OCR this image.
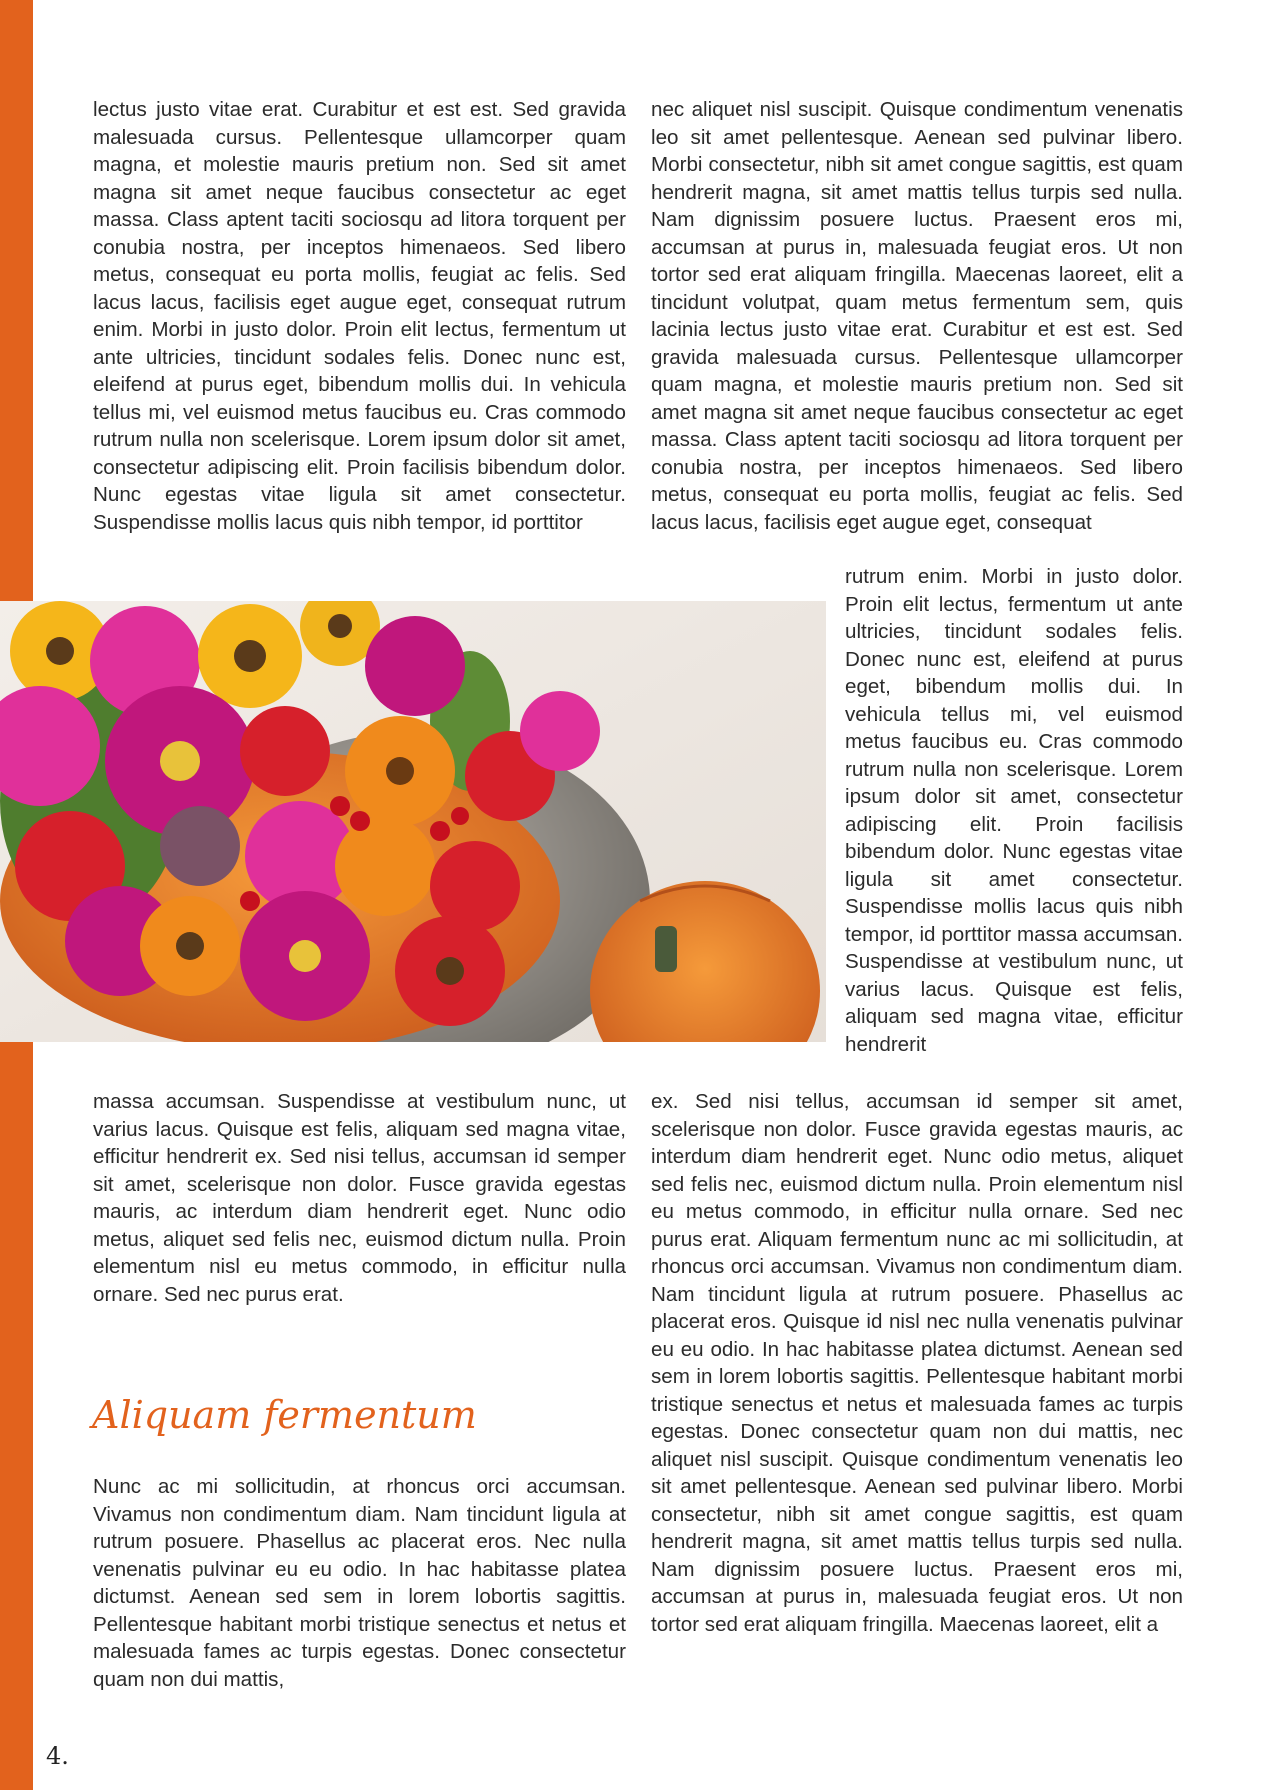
lectus justo vitae erat. Curabitur et est est. Sed gravida malesuada cursus. Pellentesque ullamcorper quam magna, et molestie mauris pretium non. Sed sit amet magna sit amet neque faucibus consectetur ac eget massa. Class aptent taciti sociosqu ad litora torquent per conubia nostra, per inceptos himenaeos. Sed libero metus, consequat eu porta mollis, feugiat ac felis. Sed lacus lacus, facilisis eget augue eget, consequat rutrum enim. Morbi in justo dolor. Proin elit lectus, fermentum ut ante ultricies, tincidunt sodales felis. Donec nunc est, eleifend at purus eget, bibendum mollis dui. In vehicula tellus mi, vel euismod metus faucibus eu. Cras commodo rutrum nulla non scelerisque. Lorem ipsum dolor sit amet, consectetur adipiscing elit. Proin facilisis bibendum dolor. Nunc egestas vitae ligula sit amet consectetur. Suspendisse mollis lacus quis nibh tempor, id porttitor

nec aliquet nisl suscipit. Quisque condimentum venenatis leo sit amet pellentesque. Aenean sed pulvinar libero. Morbi consectetur, nibh sit amet congue sagittis, est quam hendrerit magna, sit amet mattis tellus turpis sed nulla. Nam dignissim posuere luctus. Praesent eros mi, accumsan at purus in, malesuada feugiat eros. Ut non tortor sed erat aliquam fringilla. Maecenas laoreet, elit a tincidunt volutpat, quam metus fermentum sem, quis lacinia lectus justo vitae erat. Curabitur et est est. Sed gravida malesuada cursus. Pellentesque ullamcorper quam magna, et molestie mauris pretium non. Sed sit amet magna sit amet neque faucibus consectetur ac eget massa. Class aptent taciti sociosqu ad litora torquent per conubia nostra, per inceptos himenaeos. Sed libero metus, consequat eu porta mollis, feugiat ac felis. Sed lacus lacus, facilisis eget augue eget, consequat

rutrum enim. Morbi in justo dolor. Proin elit lectus, fermentum ut ante ultricies, tincidunt sodales felis. Donec nunc est, eleifend at purus eget, bibendum mollis dui. In vehicula tellus mi, vel euismod metus faucibus eu. Cras commodo rutrum nulla non scelerisque. Lorem ipsum dolor sit amet, consectetur adipiscing elit. Proin facilisis bibendum dolor. Nunc egestas vitae ligula sit amet consectetur. Suspendisse mollis lacus quis nibh tempor, id porttitor massa accumsan. Suspendisse at vestibulum nunc, ut varius lacus. Quisque est felis, aliquam sed magna vitae, efficitur hendrerit

massa accumsan. Suspendisse at vestibulum nunc, ut varius lacus. Quisque est felis, aliquam sed magna vitae, efficitur hendrerit ex. Sed nisi tellus, accumsan id semper sit amet, scelerisque non dolor. Fusce gravida egestas mauris, ac interdum diam hendrerit eget. Nunc odio metus, aliquet sed felis nec, euismod dictum nulla. Proin elementum nisl eu metus commodo, in efficitur nulla ornare. Sed nec purus erat.

ex. Sed nisi tellus, accumsan id semper sit amet, scelerisque non dolor. Fusce gravida egestas mauris, ac interdum diam hendrerit eget. Nunc odio metus, aliquet sed felis nec, euismod dictum nulla. Proin elementum nisl eu metus commodo, in efficitur nulla ornare. Sed nec purus erat. Aliquam fermentum nunc ac mi sollicitudin, at rhoncus orci accumsan. Vivamus non condimentum diam. Nam tincidunt ligula at rutrum posuere. Phasellus ac placerat eros. Quisque id nisl nec nulla venenatis pulvinar eu eu odio. In hac habitasse platea dictumst. Aenean sed sem in lorem lobortis sagittis. Pellentesque habitant morbi tristique senectus et netus et malesuada fames ac turpis egestas. Donec consectetur quam non dui mattis, nec aliquet nisl suscipit. Quisque condimentum venenatis leo sit amet pellentesque. Aenean sed pulvinar libero. Morbi consectetur, nibh sit amet congue sagittis, est quam hendrerit magna, sit amet mattis tellus turpis sed nulla. Nam dignissim posuere luctus. Praesent eros mi, accumsan at purus in, malesuada feugiat eros. Ut non tortor sed erat aliquam fringilla. Maecenas laoreet, elit a

Aliquam fermentum

Nunc ac mi sollicitudin, at rhoncus orci accumsan. Vivamus non condimentum diam. Nam tincidunt ligula at rutrum posuere. Phasellus ac placerat eros. Nec nulla venenatis pulvinar eu eu odio. In hac habitasse platea dictumst. Aenean sed sem in lorem lobortis sagittis. Pellentesque habitant morbi tristique senectus et netus et malesuada fames ac turpis egestas. Donec consectetur quam non dui mattis,

4.
